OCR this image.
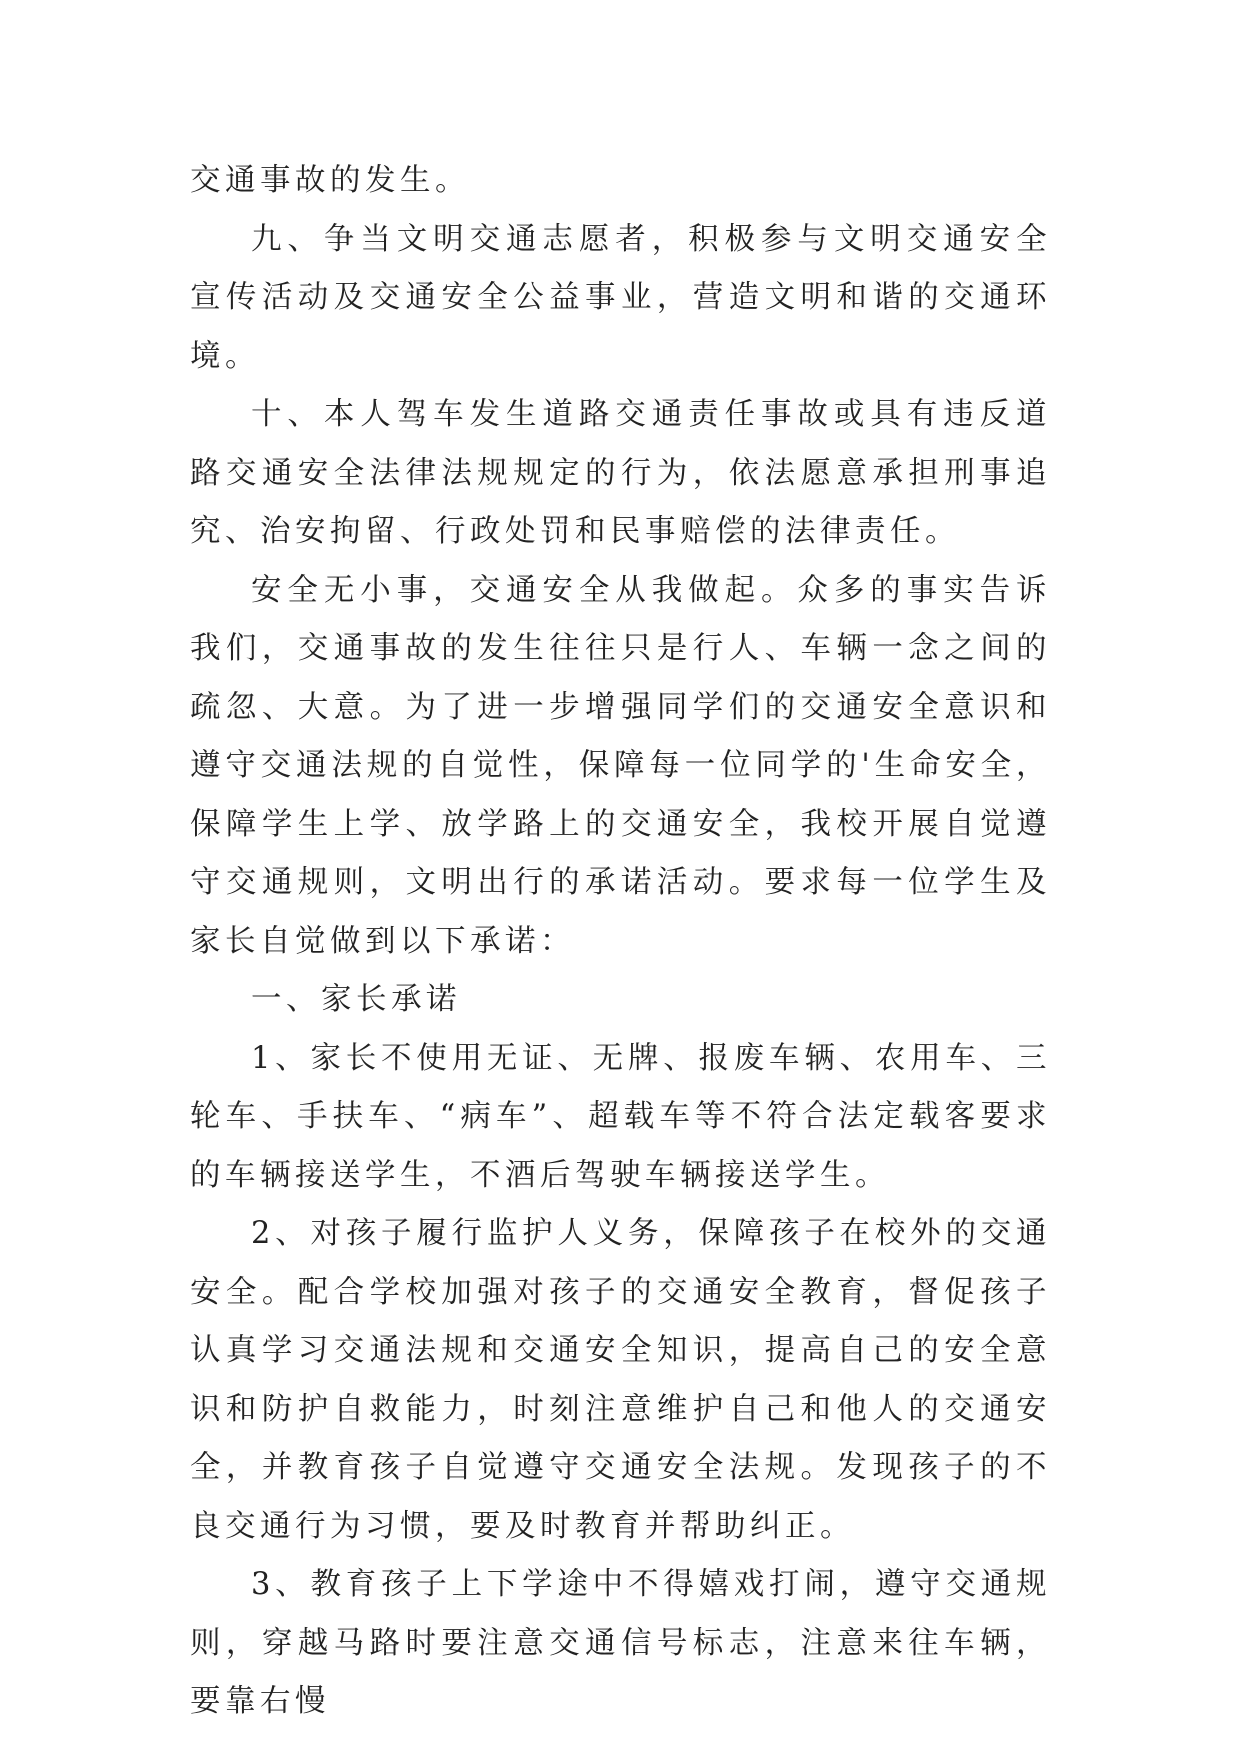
交通事故的发生。

九、争当文明交通志愿者，积极参与文明交通安全宣传活动及交通安全公益事业，营造文明和谐的交通环境。

十、本人驾车发生道路交通责任事故或具有违反道路交通安全法律法规规定的行为，依法愿意承担刑事追究、治安拘留、行政处罚和民事赔偿的法律责任。

安全无小事，交通安全从我做起。众多的事实告诉我们，交通事故的发生往往只是行人、车辆一念之间的疏忽、大意。为了进一步增强同学们的交通安全意识和遵守交通法规的自觉性，保障每一位同学的'生命安全，保障学生上学、放学路上的交通安全，我校开展自觉遵守交通规则，文明出行的承诺活动。要求每一位学生及家长自觉做到以下承诺：

一、家长承诺

1、家长不使用无证、无牌、报废车辆、农用车、三轮车、手扶车、“病车”、超载车等不符合法定载客要求的车辆接送学生，不酒后驾驶车辆接送学生。

2、对孩子履行监护人义务，保障孩子在校外的交通安全。配合学校加强对孩子的交通安全教育，督促孩子认真学习交通法规和交通安全知识，提高自己的安全意识和防护自救能力，时刻注意维护自己和他人的交通安全，并教育孩子自觉遵守交通安全法规。发现孩子的不良交通行为习惯，要及时教育并帮助纠正。

3、教育孩子上下学途中不得嬉戏打闹，遵守交通规则，穿越马路时要注意交通信号标志，注意来往车辆，要靠右慢
